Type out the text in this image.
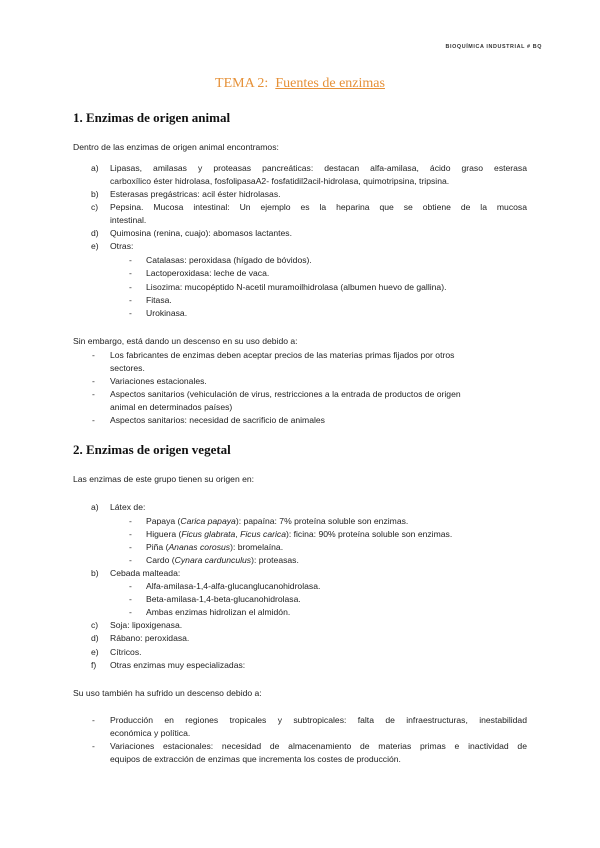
BIOQUÍMICA INDUSTRIAL # BQ
TEMA 2: Fuentes de enzimas
1. Enzimas de origen animal
Dentro de las enzimas de origen animal encontramos:
a) Lipasas, amilasas y proteasas pancreáticas: destacan alfa-amilasa, ácido graso esterasa
carboxílico éster hidrolasa, fosfolipasaA2- fosfatidil2acil-hidrolasa, quimotripsina, tripsina.
b) Esterasas pregástricas: acil éster hidrolasas.
c) Pepsina. Mucosa intestinal: Un ejemplo es la heparina que se obtiene de la mucosa
intestinal.
d) Quimosina (renina, cuajo): abomasos lactantes.
e) Otras:
- Catalasas: peroxidasa (hígado de bóvidos).
- Lactoperoxidasa: leche de vaca.
- Lisozima: mucopéptido N-acetil muramoilhidrolasa (albumen huevo de gallina).
- Fitasa.
- Urokinasa.
Sin embargo, está dando un descenso en su uso debido a:
- Los fabricantes de enzimas deben aceptar precios de las materias primas fijados por otros
sectores.
- Variaciones estacionales.
- Aspectos sanitarios (vehiculación de virus, restricciones a la entrada de productos de origen
animal en determinados países)
- Aspectos sanitarios: necesidad de sacrificio de animales
2. Enzimas de origen vegetal
Las enzimas de este grupo tienen su origen en:
a) Látex de:
- Papaya (Carica papaya): papaína: 7% proteína soluble son enzimas.
- Higuera (Ficus glabrata, Ficus carica): ficina: 90% proteína soluble son enzimas.
- Piña (Ananas corosus): bromelaína.
- Cardo (Cynara cardunculus): proteasas.
b) Cebada malteada:
- Alfa-amilasa-1,4-alfa-glucanglucanohidrolasa.
- Beta-amilasa-1,4-beta-glucanohidrolasa.
- Ambas enzimas hidrolizan el almidón.
c) Soja: lipoxigenasa.
d) Rábano: peroxidasa.
e) Cítricos.
f) Otras enzimas muy especializadas:
Su uso también ha sufrido un descenso debido a:
- Producción en regiones tropicales y subtropicales: falta de infraestructuras, inestabilidad
económica y política.
- Variaciones estacionales: necesidad de almacenamiento de materias primas e inactividad de
equipos de extracción de enzimas que incrementa los costes de producción.
